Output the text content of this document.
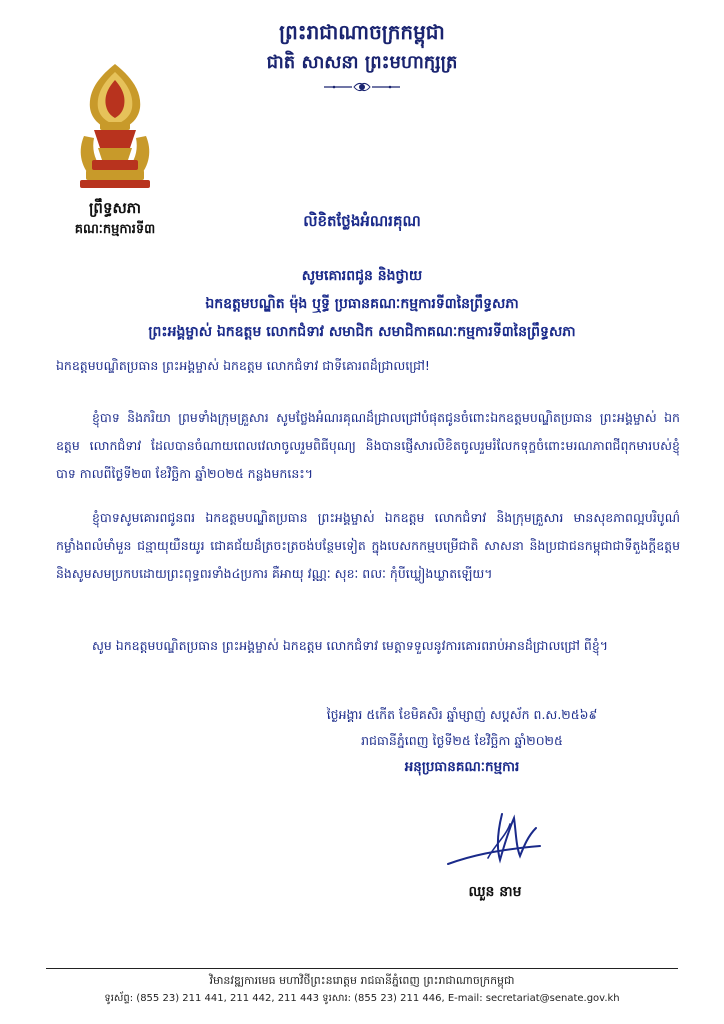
ព្រះរាជាណាចក្រកម្ពុជា
ជាតិ សាសនា ព្រះមហាក្សត្រ
ព្រឹទ្ធសភា
គណៈកម្មការទី៣	លិខិតថ្លែងអំណរគុណ
សូមគោរពជូន និងថ្វាយ
ឯកឧត្តមបណ្ឌិត ម៉ុង ឬទ្ធី ប្រធានគណៈកម្មការទី៣នៃព្រឹទ្ធសភា
ព្រះអង្គម្ចាស់ ឯកឧត្តម លោកជំទាវ សមាជិក សមាជិកាគណៈកម្មការទី៣នៃព្រឹទ្ធសភា
ឯកឧត្តមបណ្ឌិតប្រធាន ព្រះអង្គម្ចាស់ ឯកឧត្តម លោកជំទាវ ជាទីគោរពដ៏ជ្រាលជ្រៅ!
ខ្ញុំបាទ និងភរិយា ព្រមទាំងក្រុមគ្រួសារ សូមថ្លែងអំណរគុណដ៏ជ្រាលជ្រៅបំផុតជូនចំពោះឯកឧត្តមបណ្ឌិតប្រធាន ព្រះអង្គម្ចាស់ ឯកឧត្តម លោកជំទាវ ដែលបានចំណាយពេលវេលាចូលរួមពិធីបុណ្យ និងបានផ្ញើសារលិខិតចូលរួមរំលែកទុក្ខចំពោះមរណភាពជីពុកមារបស់ខ្ញុំបាទ កាលពីថ្ងៃទី២៣ ខែវិច្ឆិកា ឆ្នាំ២០២៥ កន្លងមកនេះ។
ខ្ញុំបាទសូមគោរពជូនពរ ឯកឧត្តមបណ្ឌិតប្រធាន ព្រះអង្គម្ចាស់ ឯកឧត្តម លោកជំទាវ និងក្រុមគ្រួសារ មានសុខភាពល្អបរិបូណ៌ កម្លាំងពលំមាំមួន ជន្មាយុយឺនយូរ ជោគជ័យដ៏ត្រចះត្រចង់បន្ថែមទៀត ក្នុងបេសកកម្មបម្រើជាតិ សាសនា និងប្រជាជនកម្ពុជាជាទីតួងក្តីឧត្តម និងសូមសមប្រកបដោយព្រះពុទ្ធពរទាំង៤ប្រការ គឺអាយុ វណ្ណៈ សុខៈ ពលៈ កុំបីឃ្លៀងឃ្លាតឡើយ។
សូម ឯកឧត្តមបណ្ឌិតប្រធាន ព្រះអង្គម្ចាស់ ឯកឧត្តម លោកជំទាវ មេត្តាទទួលនូវការគោរពរាប់អានដ៏ជ្រាលជ្រៅ ពីខ្ញុំ។
ថ្ងៃអង្គារ ៥កើត ខែមិគសិរ ឆ្នាំម្សាញ់ សប្តស័ក ព.ស.២៥៦៩
រាជធានីភ្នំពេញ ថ្ងៃទី២៥ ខែវិច្ឆិកា ឆ្នាំ២០២៥
អនុប្រធានគណៈកម្មការ
ឈួន នាម
វិមានវឌ្ឍការមេធ មហាវិថីព្រះនរោត្តម រាជធានីភ្នំពេញ ព្រះរាជាណាចក្រកម្ពុជា
ទូរស័ព្ទ: (855 23) 211 441, 211 442, 211 443 ទូរសារ: (855 23) 211 446, E-mail: secretariat@senate.gov.kh
